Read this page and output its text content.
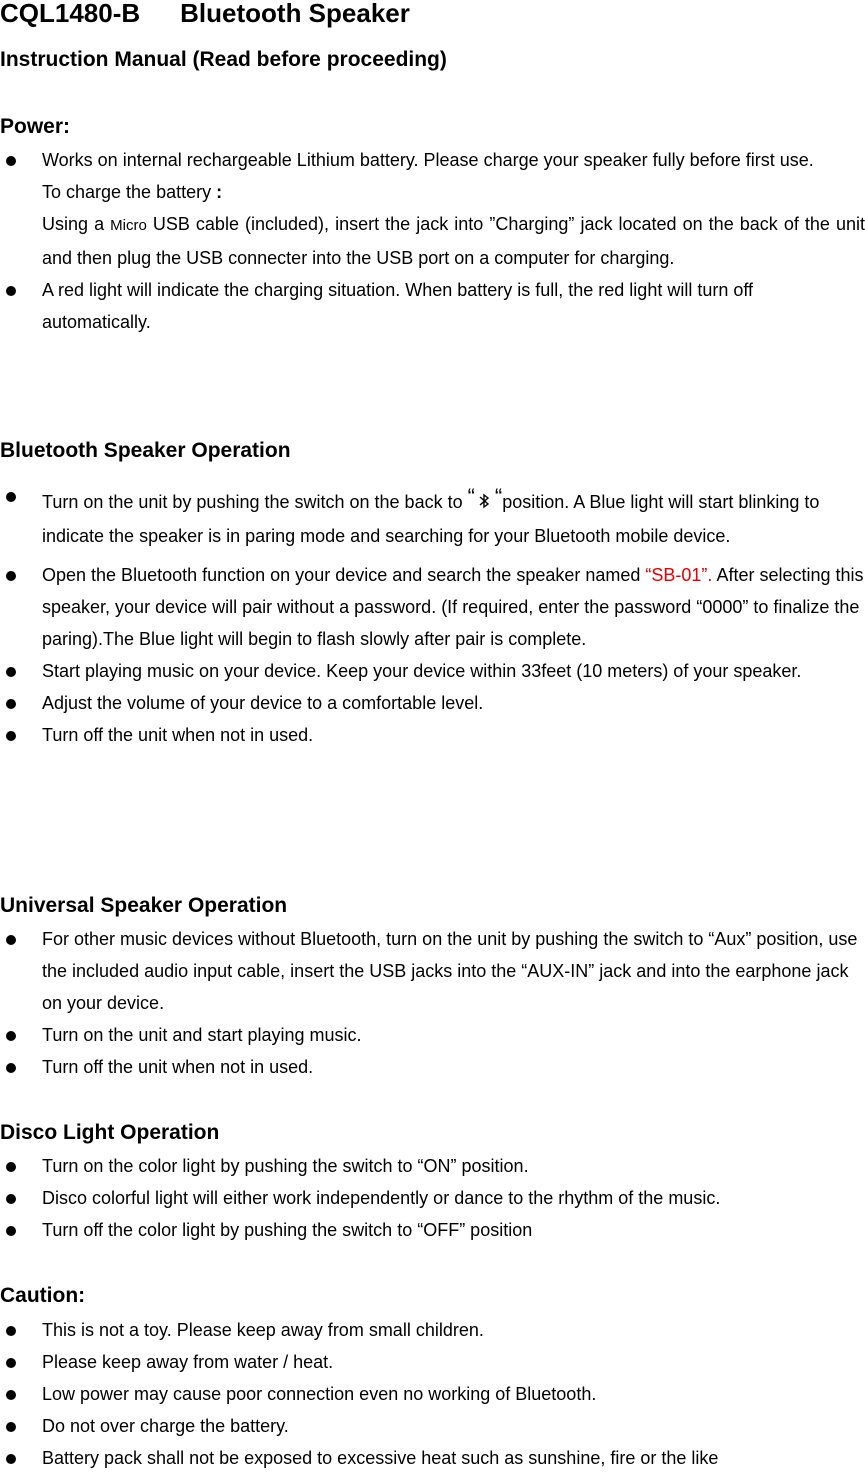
CQL1480-B Bluetooth Speaker
Instruction Manual (Read before proceeding)
Power:

Works on internal rechargeable Lithium battery. Please charge your speaker fully before first use.

To charge the battery :

Using a Micro USB cable (included), insert the jack into ”Charging” jack located on the back of the unit and then plug the USB connecter into the USB port on a computer for charging.

A red light will indicate the charging situation. When battery is full, the red light will turn off automatically.

Bluetooth Speaker Operation

Turn on the unit by pushing the switch on the back to “ “position. A Blue light will start blinking to indicate the speaker is in paring mode and searching for your Bluetooth mobile device.

Open the Bluetooth function on your device and search the speaker named “SB-01”. After selecting this speaker, your device will pair without a password. (If required, enter the password “0000” to finalize the paring).The Blue light will begin to flash slowly after pair is complete.

Start playing music on your device. Keep your device within 33feet (10 meters) of your speaker.

Adjust the volume of your device to a comfortable level.

Turn off the unit when not in used.

Universal Speaker Operation

For other music devices without Bluetooth, turn on the unit by pushing the switch to “Aux” position, use the included audio input cable, insert the USB jacks into the “AUX-IN” jack and into the earphone jack on your device.

Turn on the unit and start playing music.

Turn off the unit when not in used.

Disco Light Operation

Turn on the color light by pushing the switch to “ON” position.

Disco colorful light will either work independently or dance to the rhythm of the music.

Turn off the color light by pushing the switch to “OFF” position

Caution:

This is not a toy. Please keep away from small children.

Please keep away from water / heat.

Low power may cause poor connection even no working of Bluetooth.

Do not over charge the battery.

Battery pack shall not be exposed to excessive heat such as sunshine, fire or the like
